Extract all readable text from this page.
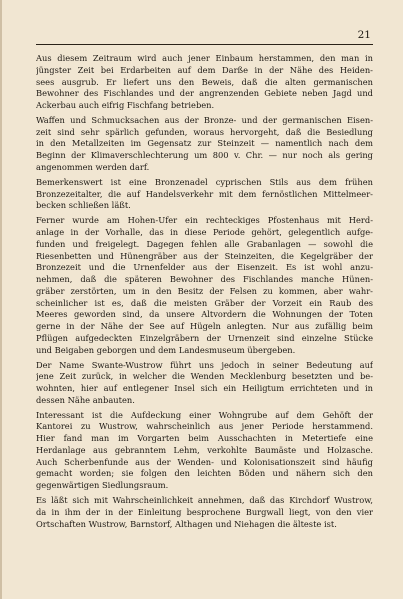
21
Aus diesem Zeitraum wird auch jener Einbaum herstammen, den man in
jüngster Zeit bei Erdarbeiten auf dem Darße in der Nähe des Heiden-
sees ausgrub. Er liefert uns den Beweis, daß die alten germanischen
Bewohner des Fischlandes und der angrenzenden Gebiete neben Jagd und
Ackerbau auch eifrig Fischfang betrieben.
Waffen und Schmucksachen aus der Bronze- und der germanischen Eisen-
zeit sind sehr spärlich gefunden, woraus hervorgeht, daß die Besiedlung
in den Metallzeiten im Gegensatz zur Steinzeit — namentlich nach dem
Beginn der Klimaverschlechterung um 800 v. Chr. — nur noch als gering
angenommen werden darf.
Bemerkenswert ist eine Bronzenadel cyprischen Stils aus dem frühen
Bronzezeitalter, die auf Handelsverkehr mit dem fernöstlichen Mittelmeer-
becken schließen läßt.
Ferner wurde am Hohen-Ufer ein rechteckiges Pfostenhaus mit Herd-
anlage in der Vorhalle, das in diese Periode gehört, gelegentlich aufge-
funden und freigelegt. Dagegen fehlen alle Grabanlagen — sowohl die
Riesenbetten und Hünengräber aus der Steinzeiten, die Kegelgräber der
Bronzezeit und die Urnenfelder aus der Eisenzeit. Es ist wohl anzu-
nehmen, daß die späteren Bewohner des Fischlandes manche Hünen-
gräber zerstörten, um in den Besitz der Felsen zu kommen, aber wahr-
scheinlicher ist es, daß die meisten Gräber der Vorzeit ein Raub des
Meeres geworden sind, da unsere Altvordern die Wohnungen der Toten
gerne in der Nähe der See auf Hügeln anlegten. Nur aus zufällig beim
Pflügen aufgedeckten Einzelgräbern der Urnenzeit sind einzelne Stücke
und Beigaben geborgen und dem Landesmuseum übergeben.
Der Name Swante-Wustrow führt uns jedoch in seiner Bedeutung auf
jene Zeit zurück, in welcher die Wenden Mecklenburg besetzten und be-
wohnten, hier auf entlegener Insel sich ein Heiligtum errichteten und in
dessen Nähe anbauten.
Interessant ist die Aufdeckung einer Wohngrube auf dem Gehöft der
Kantorei zu Wustrow, wahrscheinlich aus jener Periode herstammend.
Hier fand man im Vorgarten beim Ausschachten in Metertiefe eine
Herdanlage aus gebranntem Lehm, verkohlte Baumäste und Holzasche.
Auch Scherbenfunde aus der Wenden- und Kolonisationszeit sind häufig
gemacht worden; sie folgen den leichten Böden und nähern sich den
gegenwärtigen Siedlungsraum.
Es läßt sich mit Wahrscheinlichkeit annehmen, daß das Kirchdorf Wustrow,
da in ihm der in der Einleitung besprochene Burgwall liegt, von den vier
Ortschaften Wustrow, Barnstorf, Althagen und Niehagen die älteste ist.
